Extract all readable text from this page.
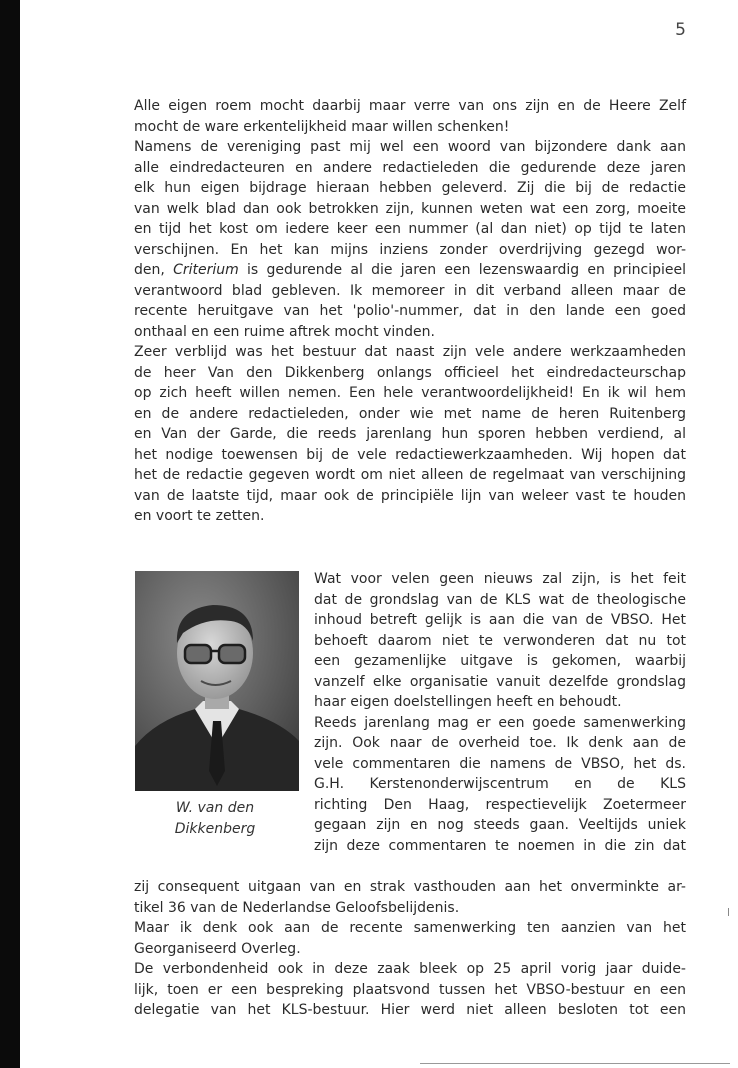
5
Alle eigen roem mocht daarbij maar verre van ons zijn en de Heere Zelf
mocht de ware erkentelijkheid maar willen schenken!
Namens de vereniging past mij wel een woord van bijzondere dank aan
alle eindredacteuren en andere redactieleden die gedurende deze jaren
elk hun eigen bijdrage hieraan hebben geleverd. Zij die bij de redactie
van welk blad dan ook betrokken zijn, kunnen weten wat een zorg, moeite
en tijd het kost om iedere keer een nummer (al dan niet) op tijd te laten
verschijnen. En het kan mijns inziens zonder overdrijving gezegd wor-
den, Criterium is gedurende al die jaren een lezenswaardig en principieel
verantwoord blad gebleven. Ik memoreer in dit verband alleen maar de
recente heruitgave van het 'polio'-nummer, dat in den lande een goed
onthaal en een ruime aftrek mocht vinden.
Zeer verblijd was het bestuur dat naast zijn vele andere werkzaamheden
de heer Van den Dikkenberg onlangs officieel het eindredacteurschap
op zich heeft willen nemen. Een hele verantwoordelijkheid! En ik wil hem
en de andere redactieleden, onder wie met name de heren Ruitenberg
en Van der Garde, die reeds jarenlang hun sporen hebben verdiend, al
het nodige toewensen bij de vele redactiewerkzaamheden. Wij hopen dat
het de redactie gegeven wordt om niet alleen de regelmaat van verschijning
van de laatste tijd, maar ook de principiële lijn van weleer vast te houden
en voort te zetten.
W. van den
Dikkenberg
Wat voor velen geen nieuws zal zijn, is het feit
dat de grondslag van de KLS wat de theologische
inhoud betreft gelijk is aan die van de VBSO. Het
behoeft daarom niet te verwonderen dat nu tot
een gezamenlijke uitgave is gekomen, waarbij
vanzelf elke organisatie vanuit dezelfde grondslag
haar eigen doelstellingen heeft en behoudt.
Reeds jarenlang mag er een goede samenwerking
zijn. Ook naar de overheid toe. Ik denk aan de
vele commentaren die namens de VBSO, het ds.
G.H. Kerstenonderwijscentrum en de KLS
richting Den Haag, respectievelijk Zoetermeer
gegaan zijn en nog steeds gaan. Veeltijds uniek
zijn deze commentaren te noemen in die zin dat
zij consequent uitgaan van en strak vasthouden aan het onverminkte ar-
tikel 36 van de Nederlandse Geloofsbelijdenis.
Maar ik denk ook aan de recente samenwerking ten aanzien van het
Georganiseerd Overleg.
De verbondenheid ook in deze zaak bleek op 25 april vorig jaar duide-
lijk, toen er een bespreking plaatsvond tussen het VBSO-bestuur en een
delegatie van het KLS-bestuur. Hier werd niet alleen besloten tot een
